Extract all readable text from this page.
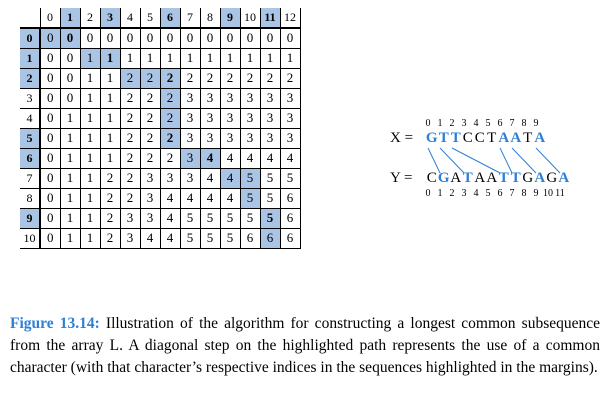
	0	1	2	3	4	5	6	7	8	9	10	11	12
0	0	0	0	0	0	0	0	0	0	0	0	0	0
1	0	0	1	1	1	1	1	1	1	1	1	1	1
2	0	0	1	1	2	2	2	2	2	2	2	2	2
3	0	0	1	1	2	2	2	3	3	3	3	3	3
4	0	1	1	1	2	2	2	3	3	3	3	3	3
5	0	1	1	1	2	2	2	3	3	3	3	3	3
6	0	1	1	1	2	2	2	3	4	4	4	4	4
7	0	1	1	2	2	3	3	3	4	4	5	5	5
8	0	1	1	2	2	3	4	4	4	4	5	5	6
9	0	1	1	2	3	3	4	5	5	5	5	5	6
10	0	1	1	2	3	4	4	5	5	5	6	6	6
0 1 2 3 4 5 6 7 8 9
X = GT T C C T AA T A
Y = CGA T AA T T GAGA
0 1 2 3 4 5 6 7 8 9 10 11
Figure 13.14: Illustration of the algorithm for constructing a longest common subsequence from the array L. A diagonal step on the highlighted path represents the use of a common character (with that character’s respective indices in the sequences highlighted in the margins).
